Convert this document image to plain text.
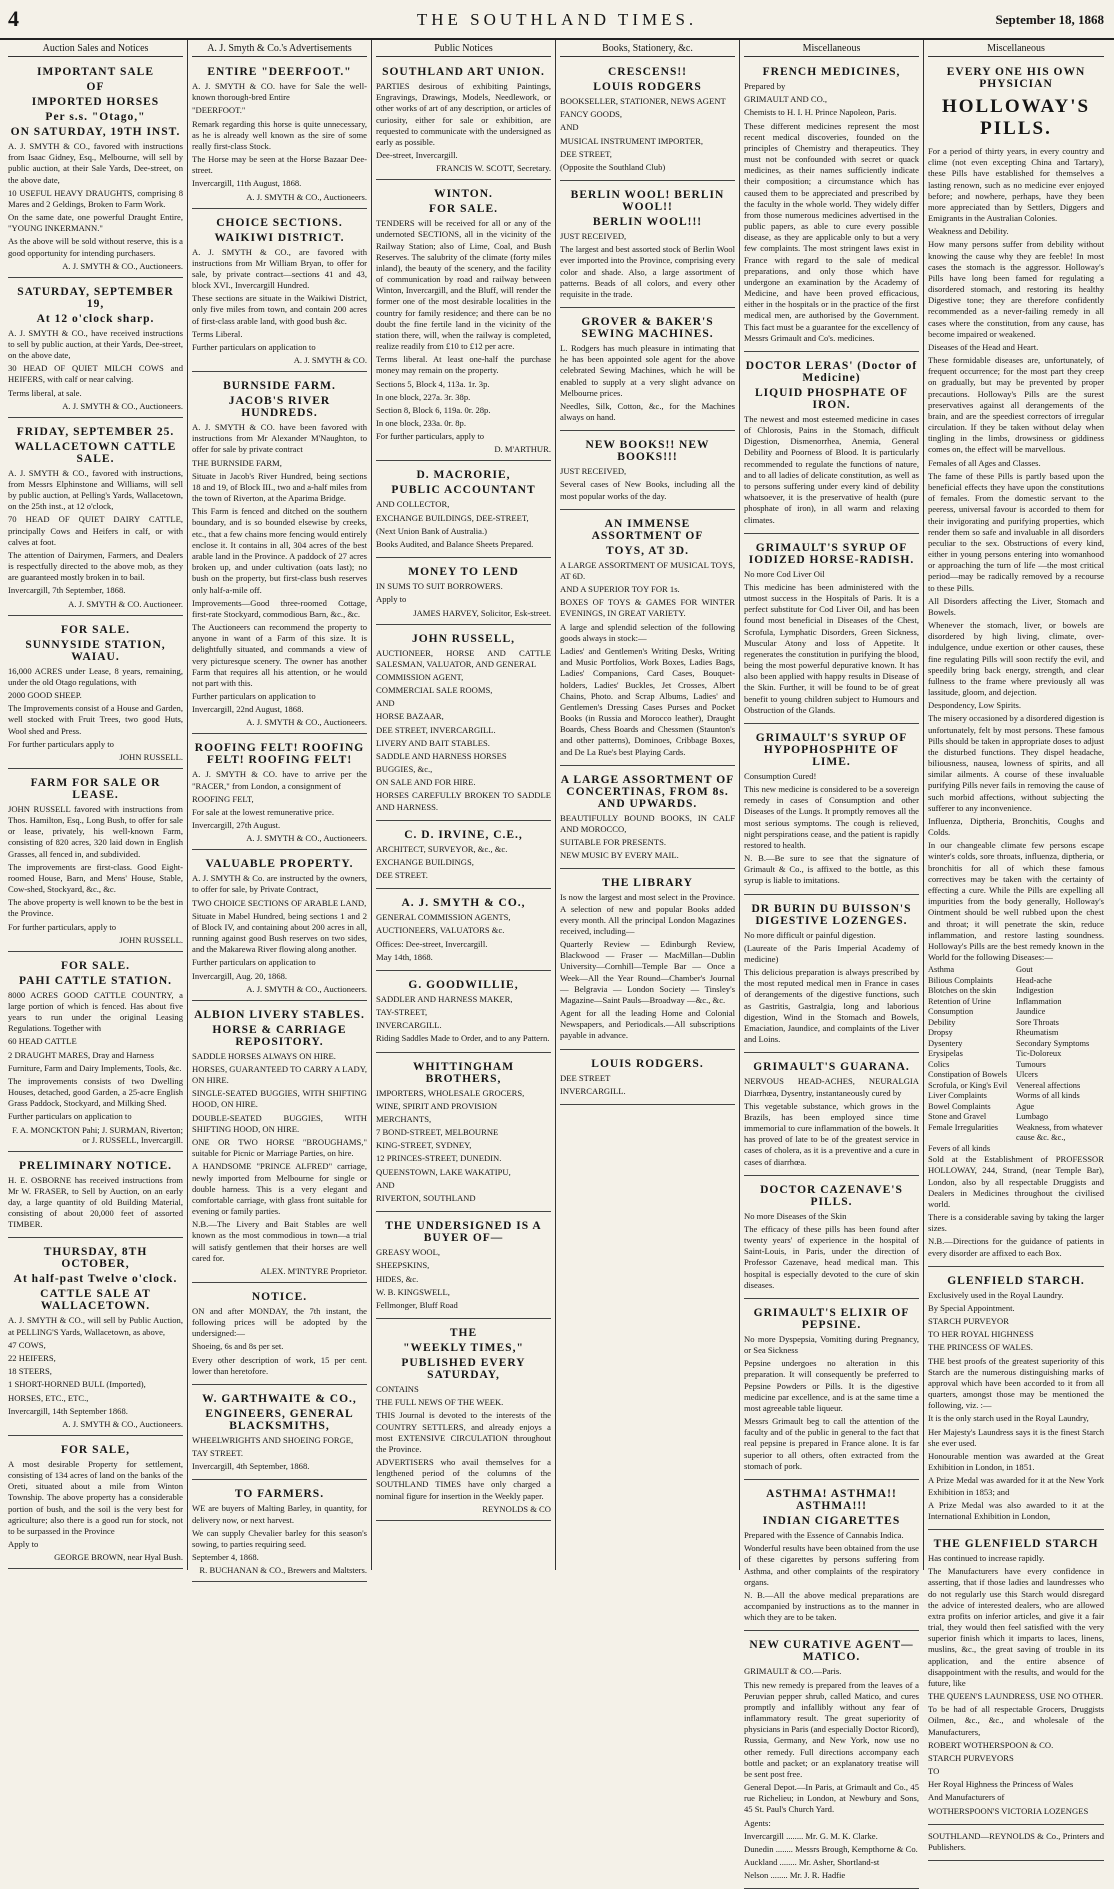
4	THE SOUTHLAND TIMES.	September 18, 1868
Auction Sales and Notices
IMPORTANT SALE
OF
IMPORTED HORSES
Per s.s. "Otago,"
ON SATURDAY, 19TH INST.

A. J. SMYTH & CO., favored with instructions from Isaac Gidney, Esq., Melbourne, will sell by public auction, at their Sale Yards, Dee-street, on the above date,

10 USEFUL HEAVY DRAUGHTS, comprising 8 Mares and 2 Geldings, Broken to Farm Work.

On the same date, one powerful Draught Entire, "YOUNG INKERMANN."

As the above will be sold without reserve, this is a good opportunity for intending purchasers.

A. J. SMYTH & CO., Auctioneers.
SATURDAY, SEPTEMBER 19,
At 12 o'clock sharp.

A. J. SMYTH & CO., have received instructions to sell by public auction, at their Yards, Dee-street, on the above date,

30 HEAD OF QUIET MILCH COWS and HEIFERS, with calf or near calving.

Terms liberal, at sale.

A. J. SMYTH & CO., Auctioneers.
FRIDAY, SEPTEMBER 25.
WALLACETOWN CATTLE SALE.

A. J. SMYTH & CO., favored with instructions, from Messrs Elphinstone and Williams, will sell by public auction, at Pelling's Yards, Wallacetown, on the 25th inst., at 12 o'clock,

70 HEAD OF QUIET DAIRY CATTLE, principally Cows and Heifers in calf, or with calves at foot.

The attention of Dairymen, Farmers, and Dealers is respectfully directed to the above mob, as they are guaranteed mostly broken in to bail.

Invercargill, 7th September, 1868.

A. J. SMYTH & CO. Auctioneer.
FOR SALE.
SUNNYSIDE STATION, WAIAU.

16,000 ACRES under Lease, 8 years, remaining, under the old Otago regulations, with

2000 GOOD SHEEP.

The Improvements consist of a House and Garden, well stocked with Fruit Trees, two good Huts, Wool shed and Press.

For further particulars apply to

JOHN RUSSELL.
FARM FOR SALE OR LEASE.

JOHN RUSSELL favored with instructions from Thos. Hamilton, Esq., Long Bush, to offer for sale or lease, privately, his well-known Farm, consisting of 820 acres, 320 laid down in English Grasses, all fenced in, and subdivided.

The improvements are first-class. Good Eight-roomed House, Barn, and Mens' House, Stable, Cow-shed, Stockyard, &c., &c.

The above property is well known to be the best in the Province.

For further particulars, apply to

JOHN RUSSELL.
FOR SALE.
PAHI CATTLE STATION.

8000 ACRES GOOD CATTLE COUNTRY, a large portion of which is fenced. Has about five years to run under the original Leasing Regulations. Together with

60 HEAD CATTLE

2 DRAUGHT MARES, Dray and Harness

Furniture, Farm and Dairy Implements, Tools, &c.

The improvements consists of two Dwelling Houses, detached, good Garden, a 25-acre English Grass Paddock, Stockyard, and Milking Shed.

Further particulars on application to

F. A. MONCKTON Pahi; J. SURMAN, Riverton; or J. RUSSELL, Invercargill.
PRELIMINARY NOTICE.

H. E. OSBORNE has received instructions from Mr W. FRASER, to Sell by Auction, on an early day, a large quantity of old Building Material, consisting of about 20,000 feet of assorted TIMBER.

THURSDAY, 8TH OCTOBER,
At half-past Twelve o'clock.
CATTLE SALE AT WALLACETOWN.

A. J. SMYTH & CO., will sell by Public Auction, at PELLING'S Yards, Wallacetown, as above,

47 COWS,

22 HEIFERS,

18 STEERS,

1 SHORT-HORNED BULL (Imported),

HORSES, ETC., ETC.,

Invercargill, 14th September 1868.

A. J. SMYTH & CO., Auctioneers.
FOR SALE,

A most desirable Property for settlement, consisting of 134 acres of land on the banks of the Oreti, situated about a mile from Winton Township. The above property has a considerable portion of bush, and the soil is the very best for agriculture; also there is a good run for stock, not to be surpassed in the Province

Apply to

GEORGE BROWN, near Hyal Bush.
A. J. Smyth & Co.'s Advertisements
ENTIRE "DEERFOOT."

A. J. SMYTH & CO. have for Sale the well-known thorough-bred Entire

"DEERFOOT."

Remark regarding this horse is quite unnecessary, as he is already well known as the sire of some really first-class Stock.

The Horse may be seen at the Horse Bazaar Dee-street.

Invercargill, 11th August, 1868.

A. J. SMYTH & CO., Auctioneers.
CHOICE SECTIONS.
WAIKIWI DISTRICT.

A. J. SMYTH & CO., are favored with instructions from Mr William Bryan, to offer for sale, by private contract—sections 41 and 43, block XVI., Invercargill Hundred.

These sections are situate in the Waikiwi District, only five miles from town, and contain 200 acres of first-class arable land, with good bush &c.

Terms Liberal.

Further particulars on application to

A. J. SMYTH & CO.
BURNSIDE FARM.
JACOB'S RIVER HUNDREDS.

A. J. SMYTH & CO. have been favored with instructions from Mr Alexander M'Naughton, to offer for sale by private contract

THE BURNSIDE FARM,

Situate in Jacob's River Hundred, being sections 18 and 19, of Block III., two and a-half miles from the town of Riverton, at the Aparima Bridge.

This Farm is fenced and ditched on the southern boundary, and is so bounded elsewise by creeks, etc., that a few chains more fencing would entirely enclose it. It contains in all, 304 acres of the best arable land in the Province. A paddock of 27 acres broken up, and under cultivation (oats last); no bush on the property, but first-class bush reserves only half-a-mile off.

Improvements—Good three-roomed Cottage, first-rate Stockyard, commodious Barn, &c., &c.

The Auctioneers can recommend the property to anyone in want of a Farm of this size. It is delightfully situated, and commands a view of very picturesque scenery. The owner has another Farm that requires all his attention, or he would not part with this.

Further particulars on application to

Invercargill, 22nd August, 1868.

A. J. SMYTH & CO., Auctioneers.
ROOFING FELT! ROOFING FELT! ROOFING FELT!

A. J. SMYTH & CO. have to arrive per the "RACER," from London, a consignment of

ROOFING FELT,

For sale at the lowest remunerative price.

Invercargill, 27th August.

A. J. SMYTH & CO., Auctioneers.
VALUABLE PROPERTY.

A. J. SMYTH & Co. are instructed by the owners, to offer for sale, by Private Contract,

TWO CHOICE SECTIONS OF ARABLE LAND,

Situate in Mabel Hundred, being sections 1 and 2 of Block IV, and containing about 200 acres in all, running against good Bush reserves on two sides, and the Makarewa River flowing along another.

Further particulars on application to

Invercargill, Aug. 20, 1868.

A. J. SMYTH & CO., Auctioneers.
ALBION LIVERY STABLES.
HORSE & CARRIAGE REPOSITORY.

SADDLE HORSES ALWAYS ON HIRE.

HORSES, GUARANTEED TO CARRY A LADY, ON HIRE.

SINGLE-SEATED BUGGIES, WITH SHIFTING HOOD, ON HIRE.

DOUBLE-SEATED BUGGIES, WITH SHIFTING HOOD, ON HIRE.

ONE OR TWO HORSE "BROUGHAMS," suitable for Picnic or Marriage Parties, on hire.

A HANDSOME "PRINCE ALFRED" carriage, newly imported from Melbourne for single or double harness. This is a very elegant and comfortable carriage, with glass front suitable for evening or family parties.

N.B.—The Livery and Bait Stables are well known as the most commodious in town—a trial will satisfy gentlemen that their horses are well cared for.

ALEX. M'INTYRE Proprietor.
NOTICE.

ON and after MONDAY, the 7th instant, the following prices will be adopted by the undersigned:—

Shoeing, 6s and 8s per set.

Every other description of work, 15 per cent. lower than heretofore.

W. GARTHWAITE & CO.,
ENGINEERS, GENERAL BLACKSMITHS,

WHEELWRIGHTS AND SHOEING FORGE,

TAY STREET.

Invercargill, 4th September, 1868.

TO FARMERS.

WE are buyers of Malting Barley, in quantity, for delivery now, or next harvest.

We can supply Chevalier barley for this season's sowing, to parties requiring seed.

September 4, 1868.

R. BUCHANAN & CO., Brewers and Maltsters.
Public Notices
SOUTHLAND ART UNION.

PARTIES desirous of exhibiting Paintings, Engravings, Drawings, Models, Needlework, or other works of art of any description, or articles of curiosity, either for sale or exhibition, are requested to communicate with the undersigned as early as possible.

Dee-street, Invercargill.

FRANCIS W. SCOTT, Secretary.
WINTON.
FOR SALE.

TENDERS will be received for all or any of the undernoted SECTIONS, all in the vicinity of the Railway Station; also of Lime, Coal, and Bush Reserves. The salubrity of the climate (forty miles inland), the beauty of the scenery, and the facility of communication by road and railway between Winton, Invercargill, and the Bluff, will render the former one of the most desirable localities in the country for family residence; and there can be no doubt the fine fertile land in the vicinity of the station there, will, when the railway is completed, realize readily from £10 to £12 per acre.

Terms liberal. At least one-half the purchase money may remain on the property.

Sections 5, Block 4, 113a. 1r. 3p.

In one block, 227a. 3r. 38p.

Section 8, Block 6, 119a. 0r. 28p.

In one block, 233a. 0r. 8p.

For further particulars, apply to

D. M'ARTHUR.
D. MACRORIE,
PUBLIC ACCOUNTANT

AND COLLECTOR,

EXCHANGE BUILDINGS, DEE-STREET,

(Next Union Bank of Australia.)

Books Audited, and Balance Sheets Prepared.

MONEY TO LEND

IN SUMS TO SUIT BORROWERS.

Apply to

JAMES HARVEY, Solicitor, Esk-street.
JOHN RUSSELL,

AUCTIONEER, HORSE AND CATTLE SALESMAN, VALUATOR, AND GENERAL

COMMISSION AGENT,

COMMERCIAL SALE ROOMS,

AND

HORSE BAZAAR,

DEE STREET, INVERCARGILL.

LIVERY AND BAIT STABLES.

SADDLE AND HARNESS HORSES

BUGGIES, &c.,

ON SALE AND FOR HIRE.

HORSES CAREFULLY BROKEN TO SADDLE AND HARNESS.

C. D. IRVINE, C.E.,

ARCHITECT, SURVEYOR, &c., &c.

EXCHANGE BUILDINGS,

DEE STREET.

A. J. SMYTH & CO.,

GENERAL COMMISSION AGENTS,

AUCTIONEERS, VALUATORS &c.

Offices: Dee-street, Invercargill.

May 14th, 1868.

G. GOODWILLIE,

SADDLER AND HARNESS MAKER,

TAY-STREET,

INVERCARGILL.

Riding Saddles Made to Order, and to any Pattern.

WHITTINGHAM BROTHERS,

IMPORTERS, WHOLESALE GROCERS,

WINE, SPIRIT AND PROVISION

MERCHANTS,

7 BOND-STREET, MELBOURNE

KING-STREET, SYDNEY,

12 PRINCES-STREET, DUNEDIN.

QUEENSTOWN, LAKE WAKATIPU,

AND

RIVERTON, SOUTHLAND

THE UNDERSIGNED IS A BUYER OF—

GREASY WOOL,

SHEEPSKINS,

HIDES, &c.

W. B. KINGSWELL,

Fellmonger, Bluff Road

THE
"WEEKLY TIMES,"
PUBLISHED EVERY SATURDAY,

CONTAINS

THE FULL NEWS OF THE WEEK.

THIS Journal is devoted to the interests of the COUNTRY SETTLERS, and already enjoys a most EXTENSIVE CIRCULATION throughout the Province.

ADVERTISERS who avail themselves for a lengthened period of the columns of the SOUTHLAND TIMES have only charged a nominal figure for insertion in the Weekly paper.

REYNOLDS & CO
Books, Stationery, &c.
CRESCENS!!
LOUIS RODGERS

BOOKSELLER, STATIONER, NEWS AGENT

FANCY GOODS,

AND

MUSICAL INSTRUMENT IMPORTER,

DEE STREET,

(Opposite the Southland Club)

BERLIN WOOL! BERLIN WOOL!!
BERLIN WOOL!!!

JUST RECEIVED,

The largest and best assorted stock of Berlin Wool ever imported into the Province, comprising every color and shade. Also, a large assortment of patterns. Beads of all colors, and every other requisite in the trade.

GROVER & BAKER'S SEWING MACHINES.

L. Rodgers has much pleasure in intimating that he has been appointed sole agent for the above celebrated Sewing Machines, which he will be enabled to supply at a very slight advance on Melbourne prices.

Needles, Silk, Cotton, &c., for the Machines always on hand.

NEW BOOKS!! NEW BOOKS!!!

JUST RECEIVED,

Several cases of New Books, including all the most popular works of the day.

AN IMMENSE ASSORTMENT OF
TOYS, AT 3D.

A LARGE ASSORTMENT OF MUSICAL TOYS, AT 6D.

AND A SUPERIOR TOY FOR 1s.

BOXES OF TOYS & GAMES FOR WINTER EVENINGS, IN GREAT VARIETY.

A large and splendid selection of the following goods always in stock:—

Ladies' and Gentlemen's Writing Desks, Writing and Music Portfolios, Work Boxes, Ladies Bags, Ladies' Companions, Card Cases, Bouquet-holders, Ladies' Buckles, Jet Crosses, Albert Chains, Photo. and Scrap Albums, Ladies' and Gentlemen's Dressing Cases Purses and Pocket Books (in Russia and Morocco leather), Draught Boards, Chess Boards and Chessmen (Staunton's and other patterns), Dominoes, Cribbage Boxes, and De La Rue's best Playing Cards.

A LARGE ASSORTMENT OF CONCERTINAS, FROM 8s. AND UPWARDS.

BEAUTIFULLY BOUND BOOKS, IN CALF AND MOROCCO,

SUITABLE FOR PRESENTS.

NEW MUSIC BY EVERY MAIL.

THE LIBRARY

Is now the largest and most select in the Province. A selection of new and popular Books added every month. All the principal London Magazines received, including—

Quarterly Review — Edinburgh Review, Blackwood — Fraser — MacMillan—Dublin University—Cornhill—Temple Bar — Once a Week—All the Year Round—Chamber's Journal — Belgravia — London Society — Tinsley's Magazine—Saint Pauls—Broadway —&c., &c.

Agent for all the leading Home and Colonial Newspapers, and Periodicals.—All subscriptions payable in advance.

LOUIS RODGERS.

DEE STREET

INVERCARGILL.

Miscellaneous
FRENCH MEDICINES,

Prepared by

GRIMAULT AND CO.,

Chemists to H. I. H. Prince Napoleon, Paris.

These different medicines represent the most recent medical discoveries, founded on the principles of Chemistry and therapeutics. They must not be confounded with secret or quack medicines, as their names sufficiently indicate their composition; a circumstance which has caused them to be appreciated and prescribed by the faculty in the whole world. They widely differ from those numerous medicines advertised in the public papers, as able to cure every possible disease, as they are applicable only to but a very few complaints. The most stringent laws exist in France with regard to the sale of medical preparations, and only those which have undergone an examination by the Academy of Medicine, and have been proved efficacious, either in the hospitals or in the practice of the first medical men, are authorised by the Government. This fact must be a guarantee for the excellency of Messrs Grimault and Co's. medicines.

DOCTOR LERAS' (Doctor of Medicine)
LIQUID PHOSPHATE OF IRON.

The newest and most esteemed medicine in cases of Chlorosis, Pains in the Stomach, difficult Digestion, Dismenorrhea, Anemia, General Debility and Poorness of Blood. It is particularly recommended to regulate the functions of nature, and to all ladies of delicate constitution, as well as to persons suffering under every kind of debility whatsoever, it is the preservative of health (pure phosphate of iron), in all warm and relaxing climates.

GRIMAULT'S SYRUP OF IODIZED HORSE-RADISH.

No more Cod Liver Oil

This medicine has been administered with the utmost success in the Hospitals of Paris. It is a perfect substitute for Cod Liver Oil, and has been found most beneficial in Diseases of the Chest, Scrofula, Lymphatic Disorders, Green Sickness, Muscular Atony and loss of Appetite. It regenerates the constitution in purifying the blood, being the most powerful depurative known. It has also been applied with happy results in Disease of the Skin. Further, it will be found to be of great benefit to young children subject to Humours and Obstruction of the Glands.

GRIMAULT'S SYRUP OF HYPOPHOSPHITE OF LIME.

Consumption Cured!

This new medicine is considered to be a sovereign remedy in cases of Consumption and other Diseases of the Lungs. It promptly removes all the most serious symptoms. The cough is relieved, night perspirations cease, and the patient is rapidly restored to health.

N. B.—Be sure to see that the signature of Grimault & Co., is affixed to the bottle, as this syrup is liable to imitations.

DR BURIN DU BUISSON'S DIGESTIVE LOZENGES.

No more difficult or painful digestion.

(Laureate of the Paris Imperial Academy of medicine)

This delicious preparation is always prescribed by the most reputed medical men in France in cases of derangements of the digestive functions, such as Gastritis, Gastralgia, long and laborious digestion, Wind in the Stomach and Bowels, Emaciation, Jaundice, and complaints of the Liver and Loins.

GRIMAULT'S GUARANA.

NERVOUS HEAD-ACHES, NEURALGIA Diarrhœa, Dysentry, instantaneously cured by

This vegetable substance, which grows in the Brazils, has been employed since time immemorial to cure inflammation of the bowels. It has proved of late to be of the greatest service in cases of cholera, as it is a preventive and a cure in cases of diarrhœa.

DOCTOR CAZENAVE'S PILLS.

No more Diseases of the Skin

The efficacy of these pills has been found after twenty years' of experience in the hospital of Saint-Louis, in Paris, under the direction of Professor Cazenave, head medical man. This hospital is especially devoted to the cure of skin diseases.

GRIMAULT'S ELIXIR OF PEPSINE.

No more Dyspepsia, Vomiting during Pregnancy, or Sea Sickness

Pepsine undergoes no alteration in this preparation. It will consequently be preferred to Pepsine Powders or Pills. It is the digestive medicine par excellence, and is at the same time a most agreeable table liqueur.

Messrs Grimault beg to call the attention of the faculty and of the public in general to the fact that real pepsine is prepared in France alone. It is far superior to all others, often extracted from the stomach of pork.

ASTHMA! ASTHMA!! ASTHMA!!!
INDIAN CIGARETTES

Prepared with the Essence of Cannabis Indica.

Wonderful results have been obtained from the use of these cigarettes by persons suffering from Asthma, and other complaints of the respiratory organs.

N. B.—All the above medical preparations are accompanied by instructions as to the manner in which they are to be taken.

NEW CURATIVE AGENT—MATICO.

GRIMAULT & CO.—Paris.

This new remedy is prepared from the leaves of a Peruvian pepper shrub, called Matico, and cures promptly and infallibly without any fear of inflammatory result. The great superiority of physicians in Paris (and especially Doctor Ricord), Russia, Germany, and New York, now use no other remedy. Full directions accompany each bottle and packet; or an explanatory treatise will be sent post free.

General Depot.—In Paris, at Grimault and Co., 45 rue Richelieu; in London, at Newbury and Sons, 45 St. Paul's Church Yard.

Agents:

Invercargill ........ Mr. G. M. K. Clarke.

Dunedin ........ Messrs Brough, Kempthorne & Co.

Auckland ........ Mr. Asher, Shortland-st

Nelson ........ Mr. J. R. Hadfie

Miscellaneous
EVERY ONE HIS OWN PHYSICIAN
HOLLOWAY'S PILLS.

For a period of thirty years, in every country and clime (not even excepting China and Tartary), these Pills have established for themselves a lasting renown, such as no medicine ever enjoyed before; and nowhere, perhaps, have they been more appreciated than by Settlers, Diggers and Emigrants in the Australian Colonies.

Weakness and Debility.

How many persons suffer from debility without knowing the cause why they are feeble! In most cases the stomach is the aggressor. Holloway's Pills have long been famed for regulating a disordered stomach, and restoring its healthy Digestive tone; they are therefore confidently recommended as a never-failing remedy in all cases where the constitution, from any cause, has become impaired or weakened.

Diseases of the Head and Heart.

These formidable diseases are, unfortunately, of frequent occurrence; for the most part they creep on gradually, but may be prevented by proper precautions. Holloway's Pills are the surest preservatives against all derangements of the brain, and are the speediest correctors of irregular circulation. If they be taken without delay when tingling in the limbs, drowsiness or giddiness comes on, the effect will be marvellous.

Females of all Ages and Classes.

The fame of these Pills is partly based upon the beneficial effects they have upon the constitutions of females. From the domestic servant to the peeress, universal favour is accorded to them for their invigorating and purifying properties, which render them so safe and invaluable in all disorders peculiar to the sex. Obstructions of every kind, either in young persons entering into womanhood or approaching the turn of life —the most critical period—may be radically removed by a recourse to these Pills.

All Disorders affecting the Liver, Stomach and Bowels.

Whenever the stomach, liver, or bowels are disordered by high living, climate, over-indulgence, undue exertion or other causes, these fine regulating Pills will soon rectify the evil, and speedily bring back energy, strength, and clear fullness to the frame where previously all was lassitude, gloom, and dejection.

Despondency, Low Spirits.

The misery occasioned by a disordered digestion is unfortunately, felt by most persons. These famous Pills should be taken in appropriate doses to adjust the disturbed functions. They dispel headache, biliousness, nausea, lowness of spirits, and all similar ailments. A course of these invaluable purifying Pills never fails in removing the cause of such morbid affections, without subjecting the sufferer to any inconvenience.

Influenza, Diptheria, Bronchitis, Coughs and Colds.

In our changeable climate few persons escape winter's colds, sore throats, influenza, diptheria, or bronchitis for all of which these famous correctives may be taken with the certainty of effecting a cure. While the Pills are expelling all impurities from the body generally, Holloway's Ointment should be well rubbed upon the chest and throat; it will penetrate the skin, reduce inflammation, and restore lasting soundness. Holloway's Pills are the best remedy known in the World for the following Diseases:—

Asthma	Gout
Bilious Complaints	Head-ache
Blotches on the skin	Indigestion
Retention of Urine	Inflammation
Consumption	Jaundice
Debility	Sore Throats
Dropsy	Rheumatism
Dysentery	Secondary Symptoms
Erysipelas	Tic-Doloreux
Colics	Tumours
Constipation of Bowels	Ulcers
Scrofula, or King's Evil	Venereal affections
Liver Complaints	Worms of all kinds
Bowel Complaints	Ague
Stone and Gravel	Lumbago
Female Irregularities	Weakness, from whatever cause &c. &c.,
Fevers of all kinds

Sold at the Establishment of PROFESSOR HOLLOWAY, 244, Strand, (near Temple Bar), London, also by all respectable Druggists and Dealers in Medicines throughout the civilised world.

There is a considerable saving by taking the larger sizes.

N.B.—Directions for the guidance of patients in every disorder are affixed to each Box.

GLENFIELD STARCH.

Exclusively used in the Royal Laundry.

By Special Appointment.

STARCH PURVEYOR

TO HER ROYAL HIGHNESS

THE PRINCESS OF WALES.

THE best proofs of the greatest superiority of this Starch are the numerous distinguishing marks of approval which have been accorded to it from all quarters, amongst those may be mentioned the following, viz. :—

It is the only starch used in the Royal Laundry,

Her Majesty's Laundress says it is the finest Starch she ever used.

Honourable mention was awarded at the Great Exhibition in London, in 1851.

A Prize Medal was awarded for it at the New York Exhibition in 1853; and

A Prize Medal was also awarded to it at the International Exhibition in London,

THE GLENFIELD STARCH

Has continued to increase rapidly.

The Manufacturers have every confidence in asserting, that if those ladies and laundresses who do not regularly use this Starch would disregard the advice of interested dealers, who are allowed extra profits on inferior articles, and give it a fair trial, they would then feel satisfied with the very superior finish which it imparts to laces, linens, muslins, &c., the great saving of trouble in its application, and the entire absence of disappointment with the results, and would for the future, like

THE QUEEN'S LAUNDRESS, USE NO OTHER.

To be had of all respectable Grocers, Druggists Oilmen, &c., &c., and wholesale of the Manufacturers,

ROBERT WOTHERSPOON & CO.

STARCH PURVEYORS

TO

Her Royal Highness the Princess of Wales

And Manufacturers of

WOTHERSPOON'S VICTORIA LOZENGES

SOUTHLAND—REYNOLDS & Co., Printers and Publishers.
